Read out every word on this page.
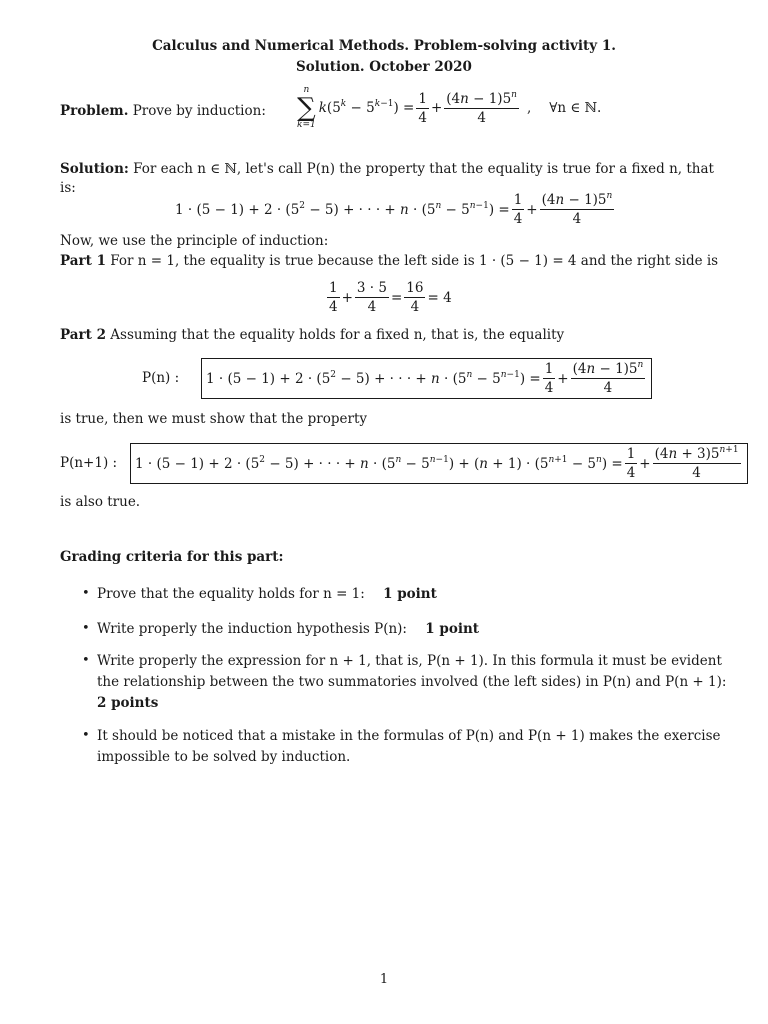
Calculus and Numerical Methods. Problem-solving activity 1.
Solution. October 2020
Problem. Prove by induction:
n
∑
k=1
$k(5^k - 5^{k-1}) = \frac{1}{4} + \frac{(4n - 1)5^n}{4}$ , ∀n ∈ ℕ.
Solution: For each n ∈ ℕ, let's call P(n) the property that the equality is true for a fixed n, that
is:
$1 \cdot (5 - 1) + 2 \cdot (5^2 - 5)$ + · · · + $n \cdot (5^n - 5^{n-1}) = \frac{1}{4} + \frac{(4n - 1)5^n}{4}$
Now, we use the principle of induction:
Part 1 For n = 1, the equality is true because the left side is 1 · (5 − 1) = 4 and the right side is
$\frac{1}{4} + \frac{3 \cdot 5}{4} = \frac{16}{4} = 4$
Part 2 Assuming that the equality holds for a fixed n, that is, the equality
P(n) : $1 \cdot (5 - 1) + 2 \cdot (5^2 - 5)$ + · · · + $n \cdot (5^n - 5^{n-1}) = \frac{1}{4} + \frac{(4n - 1)5^n}{4}$
is true, then we must show that the property
P(n+1) : $1 \cdot (5 - 1) + 2 \cdot (5^2 - 5)$ + · · · + $n \cdot (5^n - 5^{n-1}) + (n + 1) \cdot (5^{n+1} - 5^n) = \frac{1}{4} + \frac{(4n + 3)5^{n+1}}{4}$
is also true.
Grading criteria for this part:
• Prove that the equality holds for n = 1: 1 point
• Write properly the induction hypothesis P(n): 1 point
• Write properly the expression for n + 1, that is, P(n + 1). In this formula it must be evident
the relationship between the two summatories involved (the left sides) in P(n) and P(n + 1):
2 points
• It should be noticed that a mistake in the formulas of P(n) and P(n + 1) makes the exercise
impossible to be solved by induction.
1
